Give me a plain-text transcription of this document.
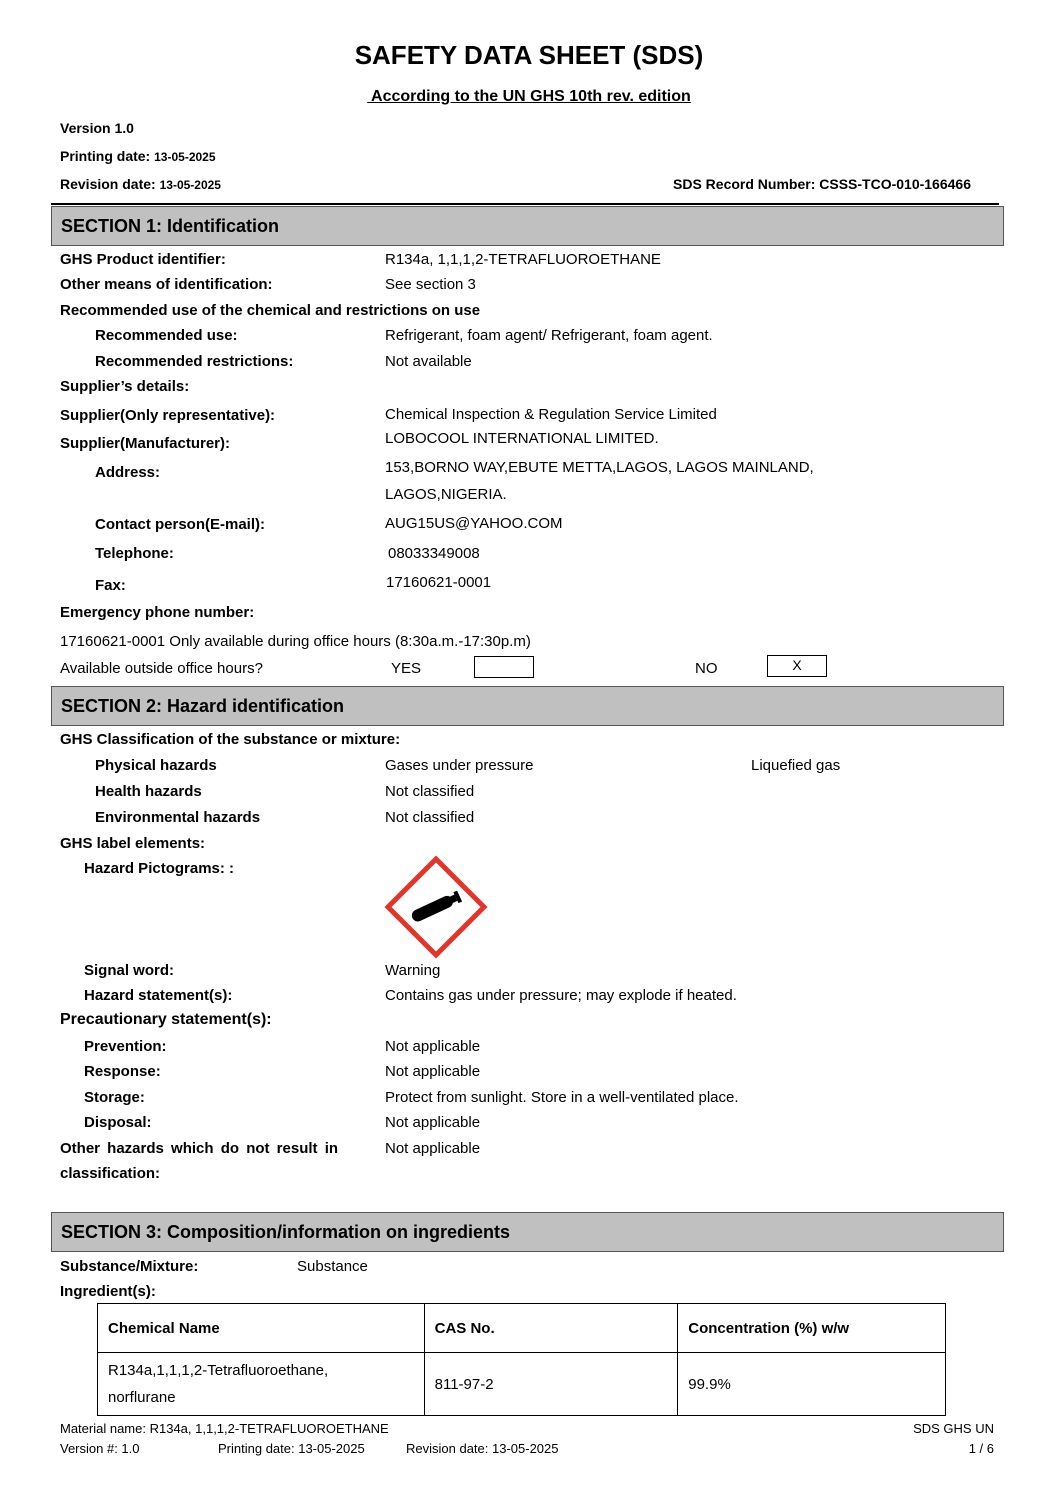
SAFETY DATA SHEET (SDS)
According to the UN GHS 10th rev. edition
Version 1.0
Printing date: 13-05-2025
Revision date: 13-05-2025	SDS Record Number: CSSS-TCO-010-166466
SECTION 1: Identification
GHS Product identifier:	R134a, 1,1,1,2-TETRAFLUOROETHANE
Other means of identification:	See section 3
Recommended use of the chemical and restrictions on use
Recommended use:	Refrigerant, foam agent/ Refrigerant, foam agent.
Recommended restrictions:	Not available
Supplier’s details:
Supplier(Only representative):	Chemical Inspection & Regulation Service Limited
Supplier(Manufacturer):	LOBOCOOL INTERNATIONAL LIMITED.
Address:	153,BORNO WAY,EBUTE METTA,LAGOS, LAGOS MAINLAND,
LAGOS,NIGERIA.
Contact person(E-mail):	AUG15US@YAHOO.COM
Telephone:	08033349008
Fax:	17160621-0001
Emergency phone number:
17160621-0001 Only available during office hours (8:30a.m.-17:30p.m)
Available outside office hours?	YES	NO	X
SECTION 2: Hazard identification
GHS Classification of the substance or mixture:
Physical hazards	Gases under pressure	Liquefied gas
Health hazards	Not classified
Environmental hazards	Not classified
GHS label elements:
Hazard Pictograms: :
Signal word:	Warning
Hazard statement(s):	Contains gas under pressure; may explode if heated.
Precautionary statement(s):
Prevention:	Not applicable
Response:	Not applicable
Storage:	Protect from sunlight. Store in a well-ventilated place.
Disposal:	Not applicable
Other hazards which do not result in
classification:
Not applicable
SECTION 3: Composition/information on ingredients
Substance/Mixture:	Substance
Ingredient(s):
Chemical Name	CAS No.	Concentration (%) w/w

R134a,1,1,1,2-Tetrafluoroethane,
norflurane	811-97-2	99.9%
Material name: R134a, 1,1,1,2-TETRAFLUOROETHANE
Version #: 1.0	Printing date: 13-05-2025	Revision date: 13-05-2025
SDS GHS UN
1 / 6
